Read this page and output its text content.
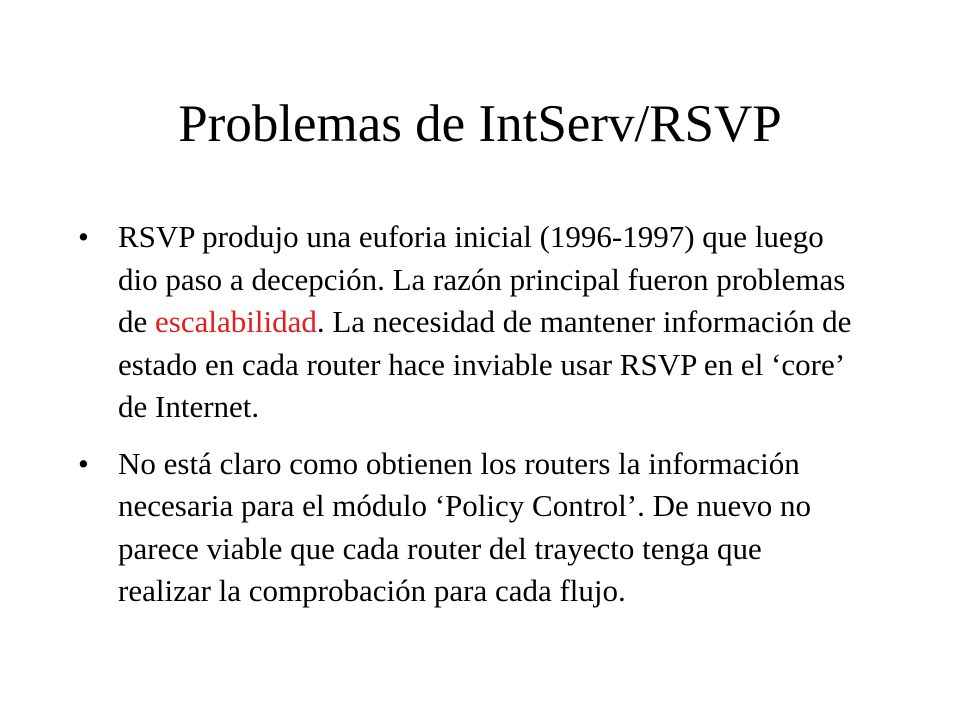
Problemas de IntServ/RSVP
• RSVP produjo una euforia inicial (1996-1997) que luego dio paso a decepción. La razón principal fueron problemas de escalabilidad. La necesidad de mantener información de estado en cada router hace inviable usar RSVP en el ‘core’ de Internet.
• No está claro como obtienen los routers la información necesaria para el módulo ‘Policy Control’. De nuevo no parece viable que cada router del trayecto tenga que realizar la comprobación para cada flujo.
